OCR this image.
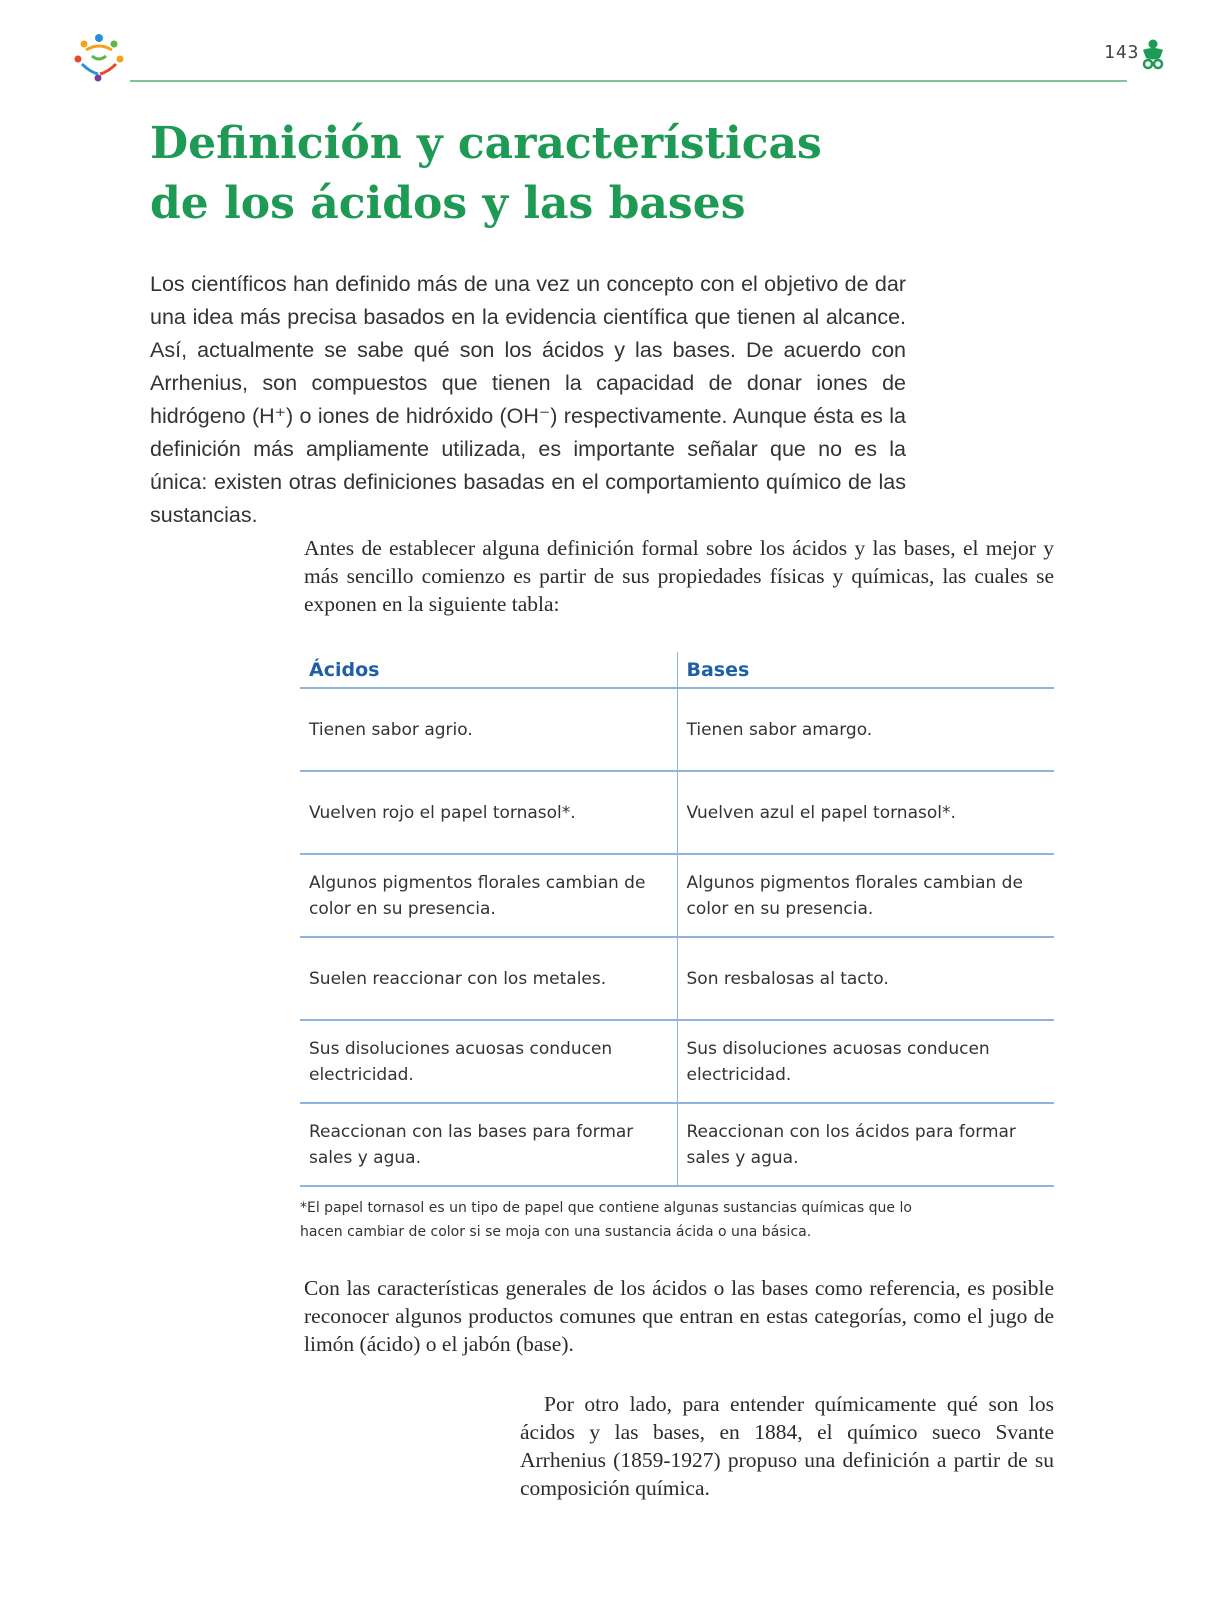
143
Definición y características
de los ácidos y las bases

Los científicos han definido más de una vez un concepto con el objetivo de dar una idea más precisa basados en la evidencia científica que tienen al alcance. Así, actualmente se sabe qué son los ácidos y las bases. De acuerdo con Arrhenius, son compuestos que tienen la capacidad de donar iones de hidrógeno (H⁺) o iones de hidróxido (OH⁻) respectivamente. Aunque ésta es la definición más ampliamente utilizada, es importante señalar que no es la única: existen otras definiciones basadas en el comportamiento químico de las sustancias.

Antes de establecer alguna definición formal sobre los ácidos y las bases, el mejor y más sencillo comienzo es partir de sus propiedades físicas y químicas, las cuales se exponen en la siguiente tabla:

Ácidos	Bases
Tienen sabor agrio.	Tienen sabor amargo.
Vuelven rojo el papel tornasol*.	Vuelven azul el papel tornasol*.
Algunos pigmentos florales cambian de color en su presencia.	Algunos pigmentos florales cambian de color en su presencia.
Suelen reaccionar con los metales.	Son resbalosas al tacto.
Sus disoluciones acuosas conducen electricidad.	Sus disoluciones acuosas conducen electricidad.
Reaccionan con las bases para formar sales y agua.	Reaccionan con los ácidos para formar sales y agua.

*El papel tornasol es un tipo de papel que contiene algunas sustancias químicas que lo hacen cambiar de color si se moja con una sustancia ácida o una básica.

Con las características generales de los ácidos o las bases como referencia, es posible reconocer algunos productos comunes que entran en estas categorías, como el jugo de limón (ácido) o el jabón (base).

Por otro lado, para entender químicamente qué son los ácidos y las bases, en 1884, el químico sueco Svante Arrhenius (1859-1927) propuso una definición a partir de su composición química.
